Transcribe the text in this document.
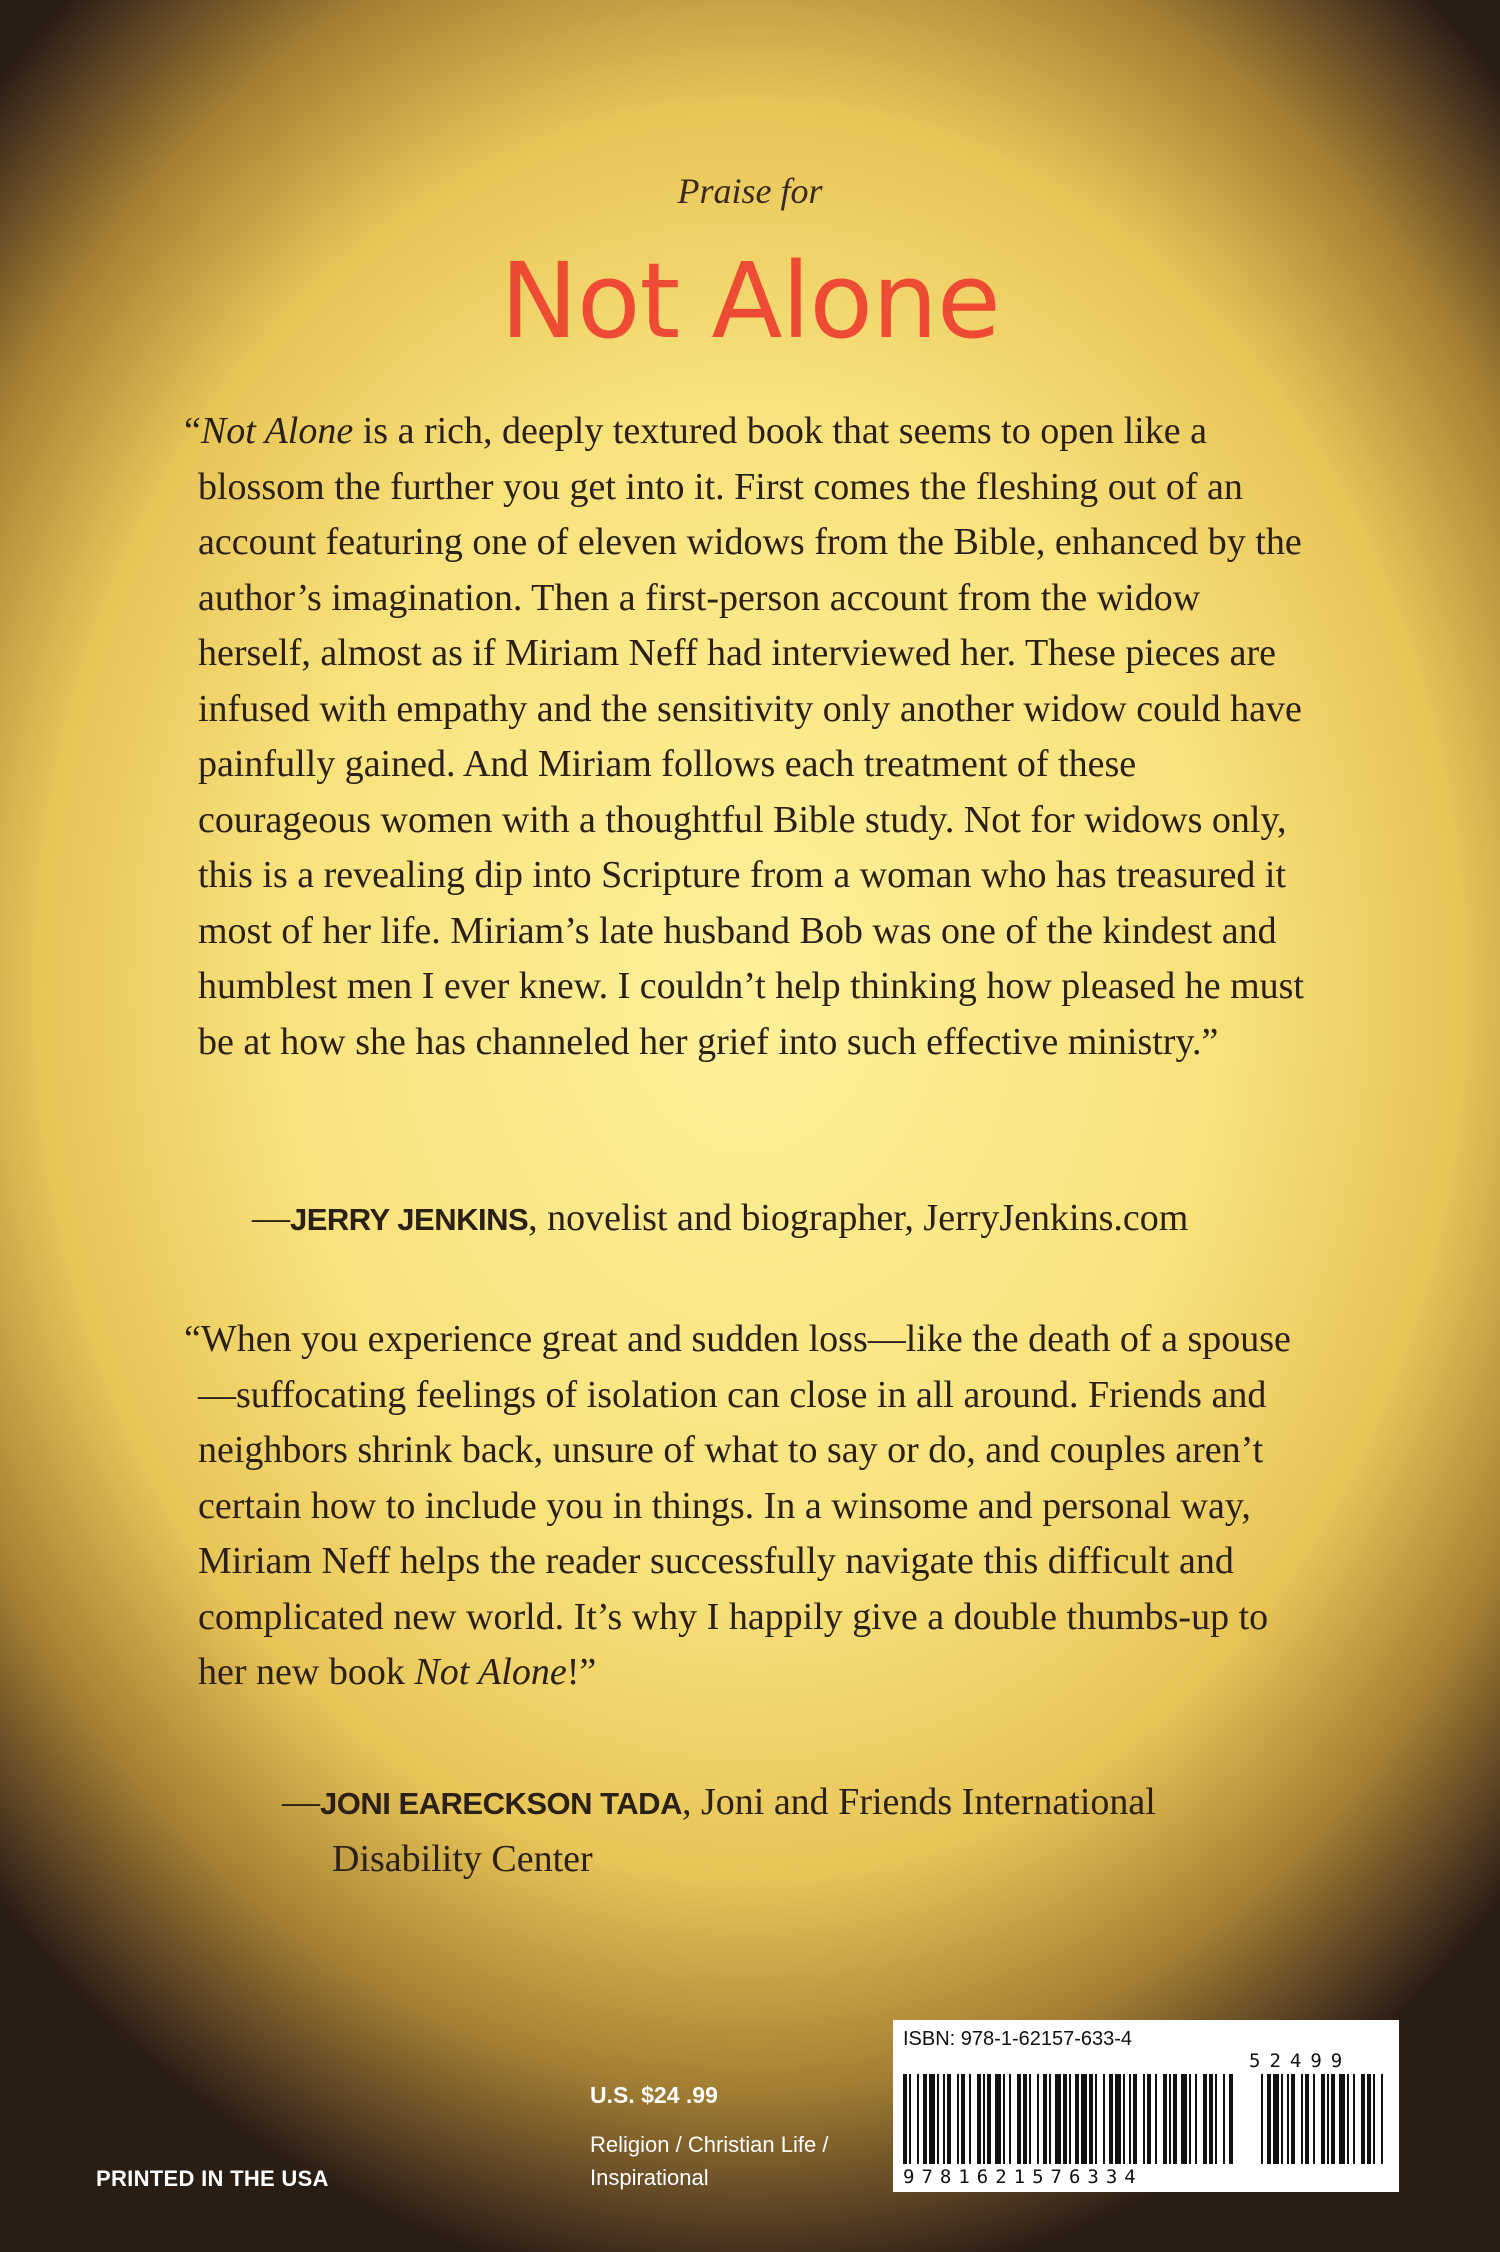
Praise for
Not Alone
“Not Alone is a rich, deeply textured book that seems to open like a blossom the further you get into it. First comes the fleshing out of an account featuring one of eleven widows from the Bible, enhanced by the author’s imagination. Then a first-person account from the widow herself, almost as if Miriam Neff had interviewed her. These pieces are infused with empathy and the sensitivity only another widow could have painfully gained. And Miriam follows each treatment of these courageous women with a thoughtful Bible study. Not for widows only, this is a revealing dip into Scripture from a woman who has treasured it most of her life. Miriam’s late husband Bob was one of the kindest and humblest men I ever knew. I couldn’t help thinking how pleased he must be at how she has channeled her grief into such effective ministry.”
—JERRY JENKINS, novelist and biographer, JerryJenkins.com
“When you experience great and sudden loss—like the death of a spouse—suffocating feelings of isolation can close in all around. Friends and neighbors shrink back, unsure of what to say or do, and couples aren’t certain how to include you in things. In a winsome and personal way, Miriam Neff helps the reader successfully navigate this difficult and complicated new world. It’s why I happily give a double thumbs-up to her new book Not Alone!”
—JONI EARECKSON TADA, Joni and Friends International
Disability Center
PRINTED IN THE USA
U.S. $24 .99
Religion / Christian Life / Inspirational
ISBN: 978-1-62157-633-4
52499
9781621576334
